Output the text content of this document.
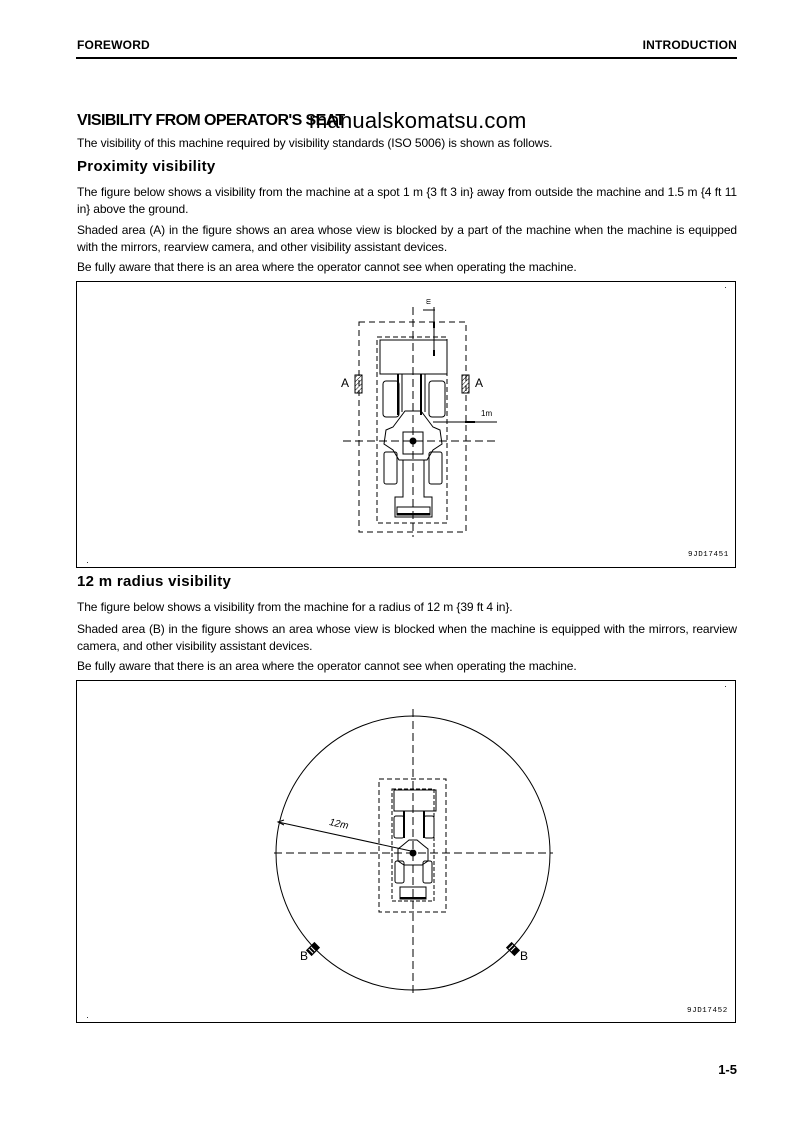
FOREWORD	INTRODUCTION
VISIBILITY FROM OPERATOR'S SEAT
manualskomatsu.com
The visibility of this machine required by visibility standards (ISO 5006) is shown as follows.
Proximity visibility
The figure below shows a visibility from the machine at a spot 1 m {3 ft 3 in} away from outside the machine and 1.5 m {4 ft 11 in} above the ground.
Shaded area (A) in the figure shows an area whose view is blocked by a part of the machine when the machine is equipped with the mirrors, rearview camera, and other visibility assistant devices.
Be fully aware that there is an area where the operator cannot see when operating the machine.
A	A
1m
m
9JD17451
12 m radius visibility
The figure below shows a visibility from the machine for a radius of 12 m {39 ft 4 in}.
Shaded area (B) in the figure shows an area whose view is blocked when the machine is equipped with the mirrors, rearview camera, and other visibility assistant devices.
Be fully aware that there is an area where the operator cannot see when operating the machine.
12m
B	B
9JD17452
1-5
